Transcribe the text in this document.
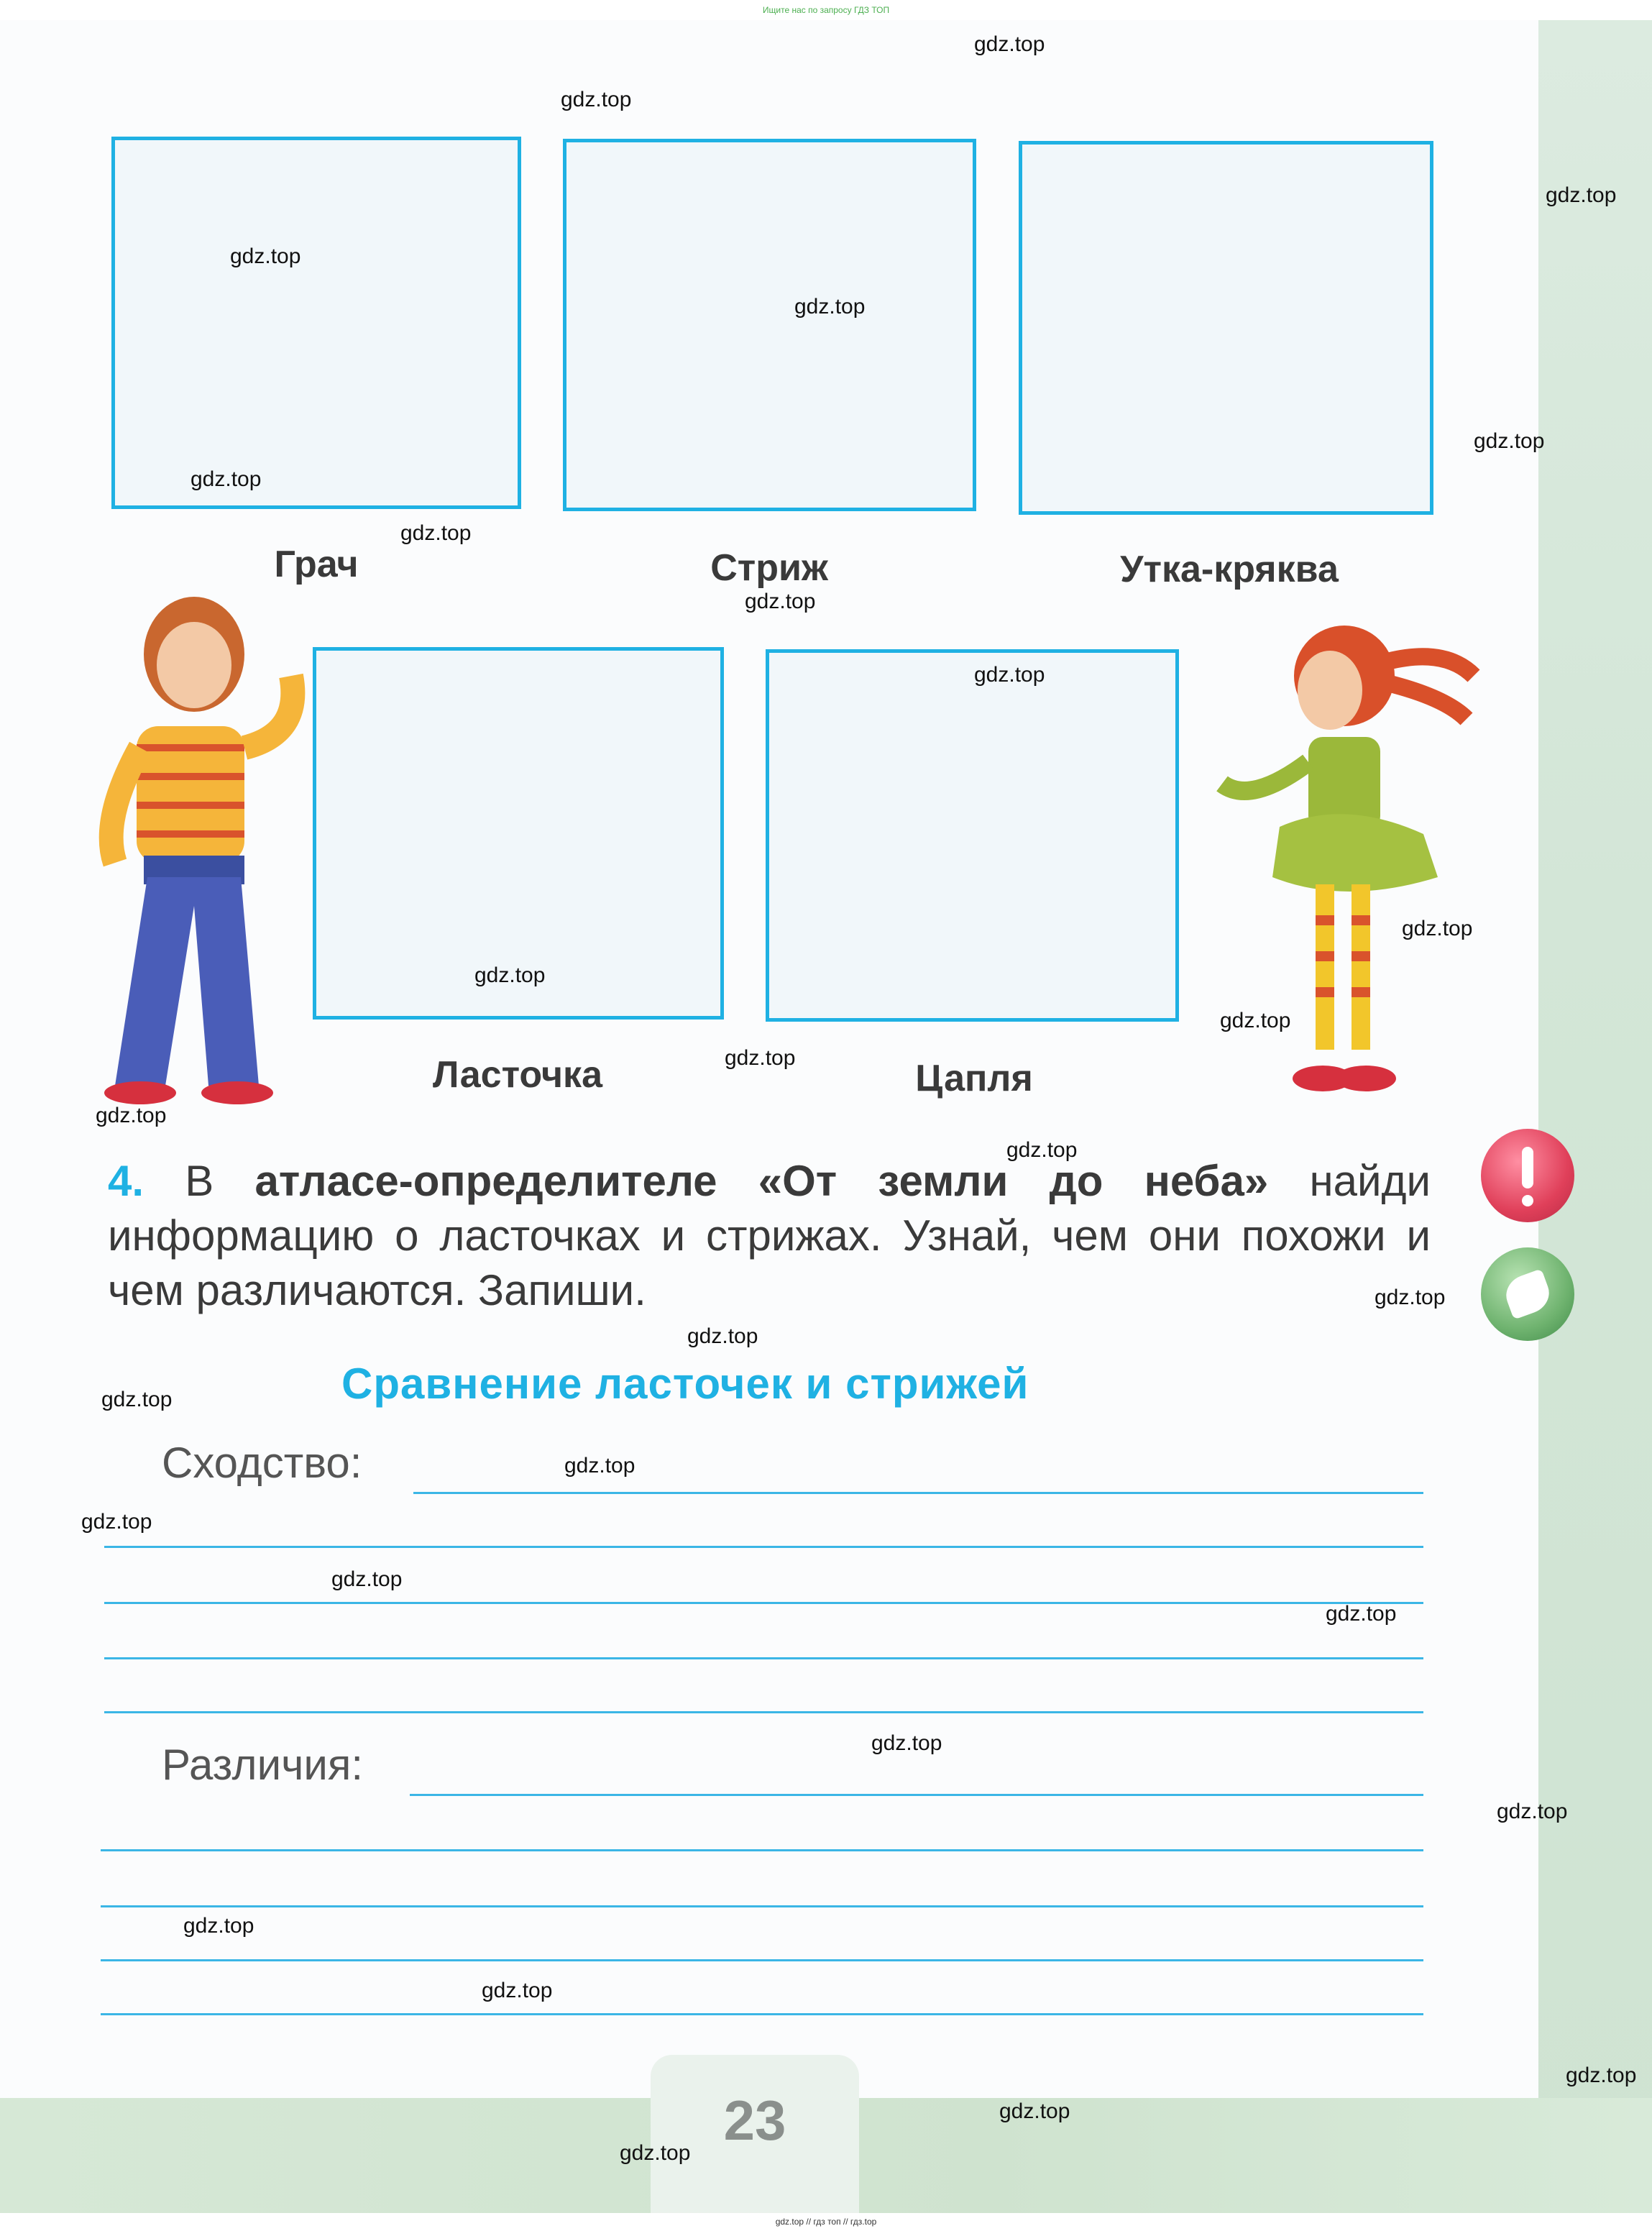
Ищите нас по запросу ГДЗ ТОП
Грач	Стриж	Утка-кряква
Ласточка	Цапля
4. В атласе-определителе «От земли до неба» найди информацию о ласточках и стрижах. Узнай, чем они похожи и чем различаются. Запиши.
Сравнение ласточек и стрижей
Сходство:
Различия:
23
gdz.top
gdz.top
gdz.top
gdz.top
gdz.top
gdz.top
gdz.top
gdz.top
gdz.top
gdz.top
gdz.top
gdz.top
gdz.top
gdz.top
gdz.top
gdz.top
gdz.top
gdz.top
gdz.top
gdz.top
gdz.top
gdz.top
gdz.top
gdz.top
gdz.top
gdz.top
gdz.top
gdz.top
gdz.top
gdz.top
gdz.top // гдз топ // гдз.top
